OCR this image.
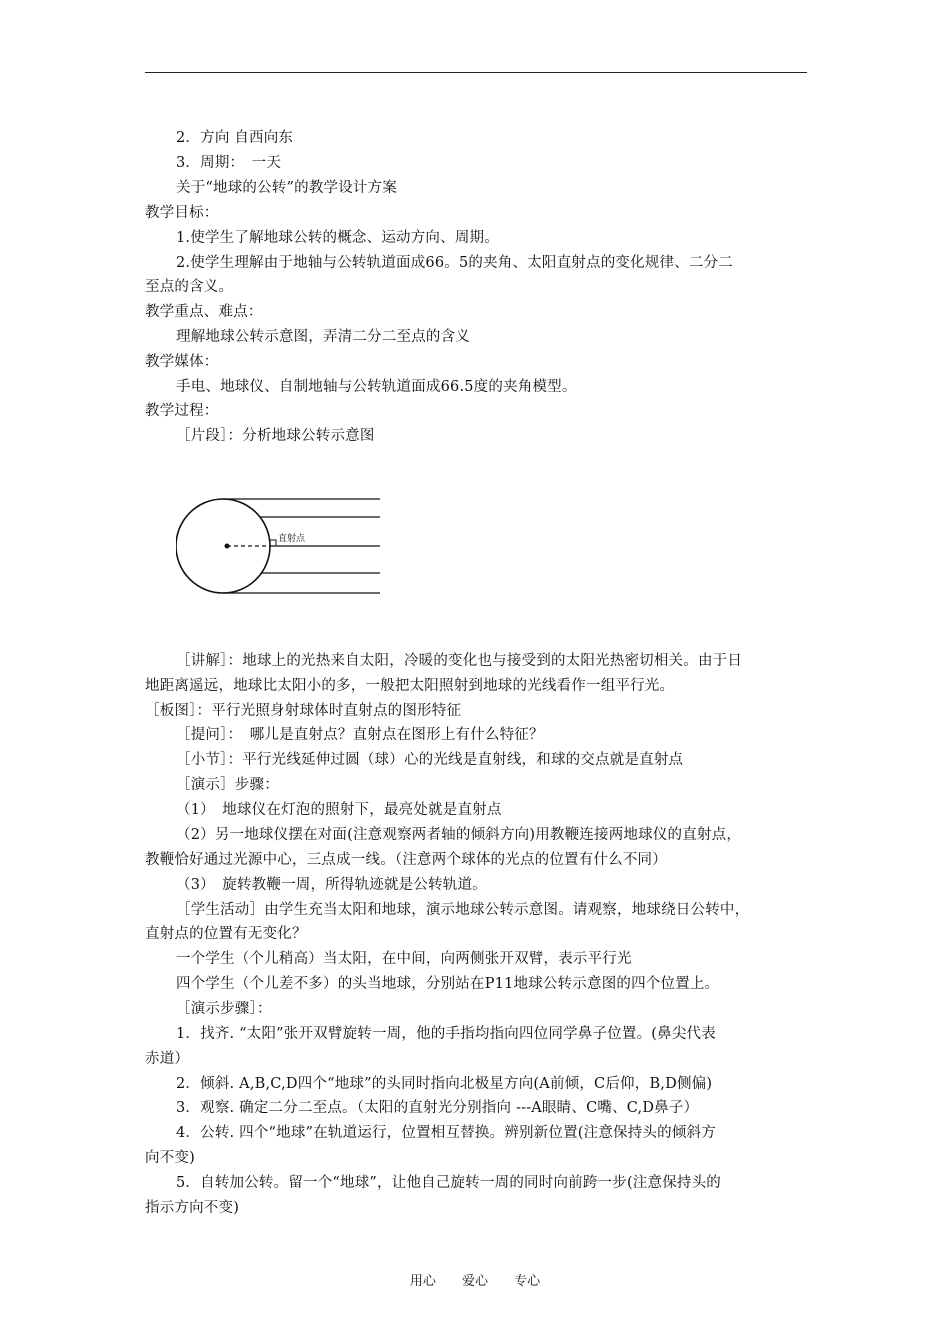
2．方向 自西向东
3．周期：　一天
关于“地球的公转”的教学设计方案
教学目标：
1.使学生了解地球公转的概念、运动方向、周期。
2.使学生理解由于地轴与公转轨道面成66。5的夹角、太阳直射点的变化规律、二分二
至点的含义。
教学重点、难点：
理解地球公转示意图，弄清二分二至点的含义
教学媒体：
手电、地球仪、自制地轴与公转轨道面成66.5度的夹角模型。
教学过程：
［片段］：分析地球公转示意图
直射点
［讲解］：地球上的光热来自太阳，冷暖的变化也与接受到的太阳光热密切相关。由于日
地距离遥远，地球比太阳小的多，一般把太阳照射到地球的光线看作一组平行光。
［板图］：平行光照身射球体时直射点的图形特征
［提问］：　哪儿是直射点？直射点在图形上有什么特征？
［小节］：平行光线延伸过圆（球）心的光线是直射线，和球的交点就是直射点
［演示］步骤：
（1）　地球仪在灯泡的照射下，最亮处就是直射点
（2）另一地球仪摆在对面(注意观察两者轴的倾斜方向)用教鞭连接两地球仪的直射点，
教鞭恰好通过光源中心，三点成一线。（注意两个球体的光点的位置有什么不同）
（3）　旋转教鞭一周，所得轨迹就是公转轨道。
［学生活动］由学生充当太阳和地球，演示地球公转示意图。请观察，地球绕日公转中，
直射点的位置有无变化？
一个学生（个儿稍高）当太阳，在中间，向两侧张开双臂，表示平行光
四个学生（个儿差不多）的头当地球，分别站在P11地球公转示意图的四个位置上。
［演示步骤］：
1．找齐. “太阳”张开双臂旋转一周，他的手指均指向四位同学鼻子位置。(鼻尖代表
赤道）
2．倾斜. A,B,C,D四个“地球”的头同时指向北极星方向(A前倾，C后仰，B,D侧偏)
3．观察. 确定二分二至点。（太阳的直射光分别指向 ---A眼睛、C嘴、C,D鼻子）
4．公转. 四个“地球”在轨道运行，位置相互替换。辨别新位置(注意保持头的倾斜方
向不变)
5．自转加公转。留一个“地球”，让他自己旋转一周的同时向前跨一步(注意保持头的
指示方向不变)
用心 爱心 专心
